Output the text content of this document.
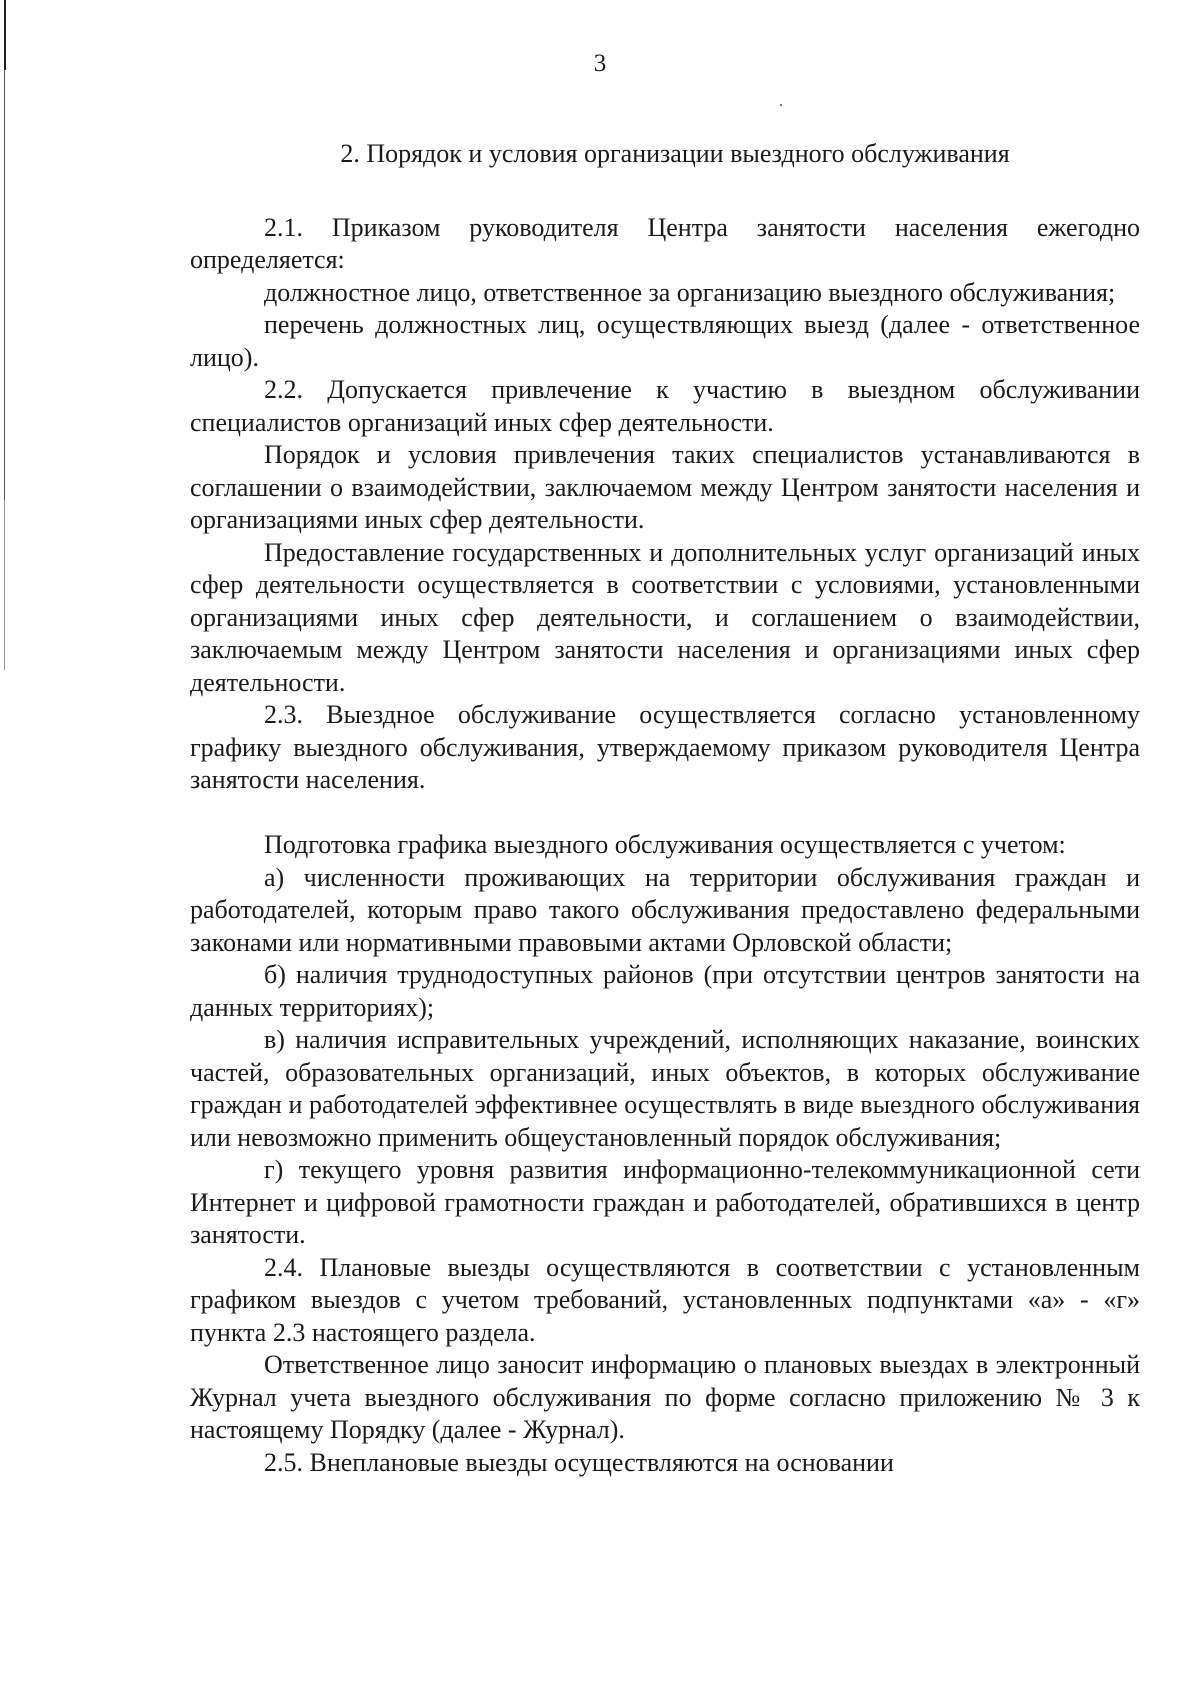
3
2. Порядок и условия организации выездного обслуживания

2.1. Приказом руководителя Центра занятости населения ежегодно определяется:

должностное лицо, ответственное за организацию выездного обслуживания;

перечень должностных лиц, осуществляющих выезд (далее - ответственное лицо).

2.2. Допускается привлечение к участию в выездном обслуживании специалистов организаций иных сфер деятельности.

Порядок и условия привлечения таких специалистов устанавливаются в соглашении о взаимодействии, заключаемом между Центром занятости населения и организациями иных сфер деятельности.

Предоставление государственных и дополнительных услуг организаций иных сфер деятельности осуществляется в соответствии с условиями, установленными организациями иных сфер деятельности, и соглашением о взаимодействии, заключаемым между Центром занятости населения и организациями иных сфер деятельности.

2.3. Выездное обслуживание осуществляется согласно установленному графику выездного обслуживания, утверждаемому приказом руководителя Центра занятости населения.

Подготовка графика выездного обслуживания осуществляется с учетом:

а) численности проживающих на территории обслуживания граждан и работодателей, которым право такого обслуживания предоставлено федеральными законами или нормативными правовыми актами Орловской области;

б) наличия труднодоступных районов (при отсутствии центров занятости на данных территориях);

в) наличия исправительных учреждений, исполняющих наказание, воинских частей, образовательных организаций, иных объектов, в которых обслуживание граждан и работодателей эффективнее осуществлять в виде выездного обслуживания или невозможно применить общеустановленный порядок обслуживания;

г) текущего уровня развития информационно-телекоммуникационной сети Интернет и цифровой грамотности граждан и работодателей, обратившихся в центр занятости.

2.4. Плановые выезды осуществляются в соответствии с установленным графиком выездов с учетом требований, установленных подпунктами «а» - «г» пункта 2.3 настоящего раздела.

Ответственное лицо заносит информацию о плановых выездах в электронный Журнал учета выездного обслуживания по форме согласно приложению № 3 к настоящему Порядку (далее - Журнал).

2.5. Внеплановые выезды осуществляются на основании
